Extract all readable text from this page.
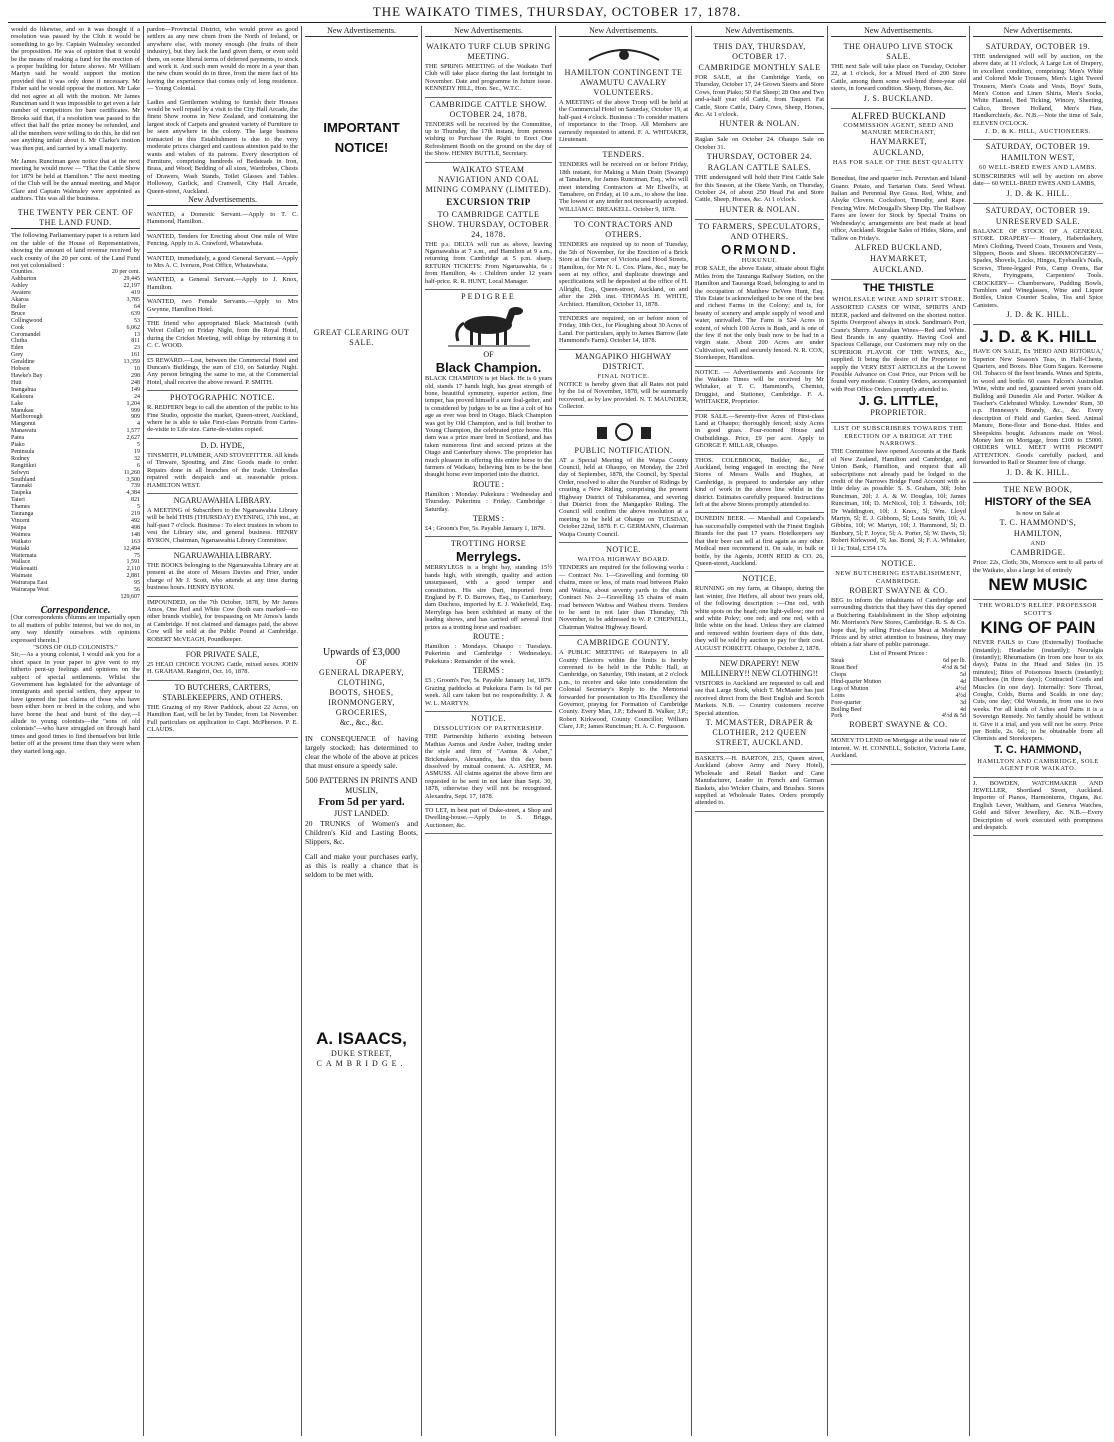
THE WAIKATO TIMES, THURSDAY, OCTOBER 17, 1878.

would do likewise, and so it was thought if a resolution was passed by the Club it would be something to go by. Captain Walmsley seconded the proposition. He was of opinion that it would be the means of making a fund for the erection of a proper building for future shows. Mr William Martyn said he would support the motion provided that it was only done if necessary. Mr Fisher said he would oppose the motion. Mr Lake did not agree at all with the motion. Mr James Runciman said it was impossible to get even a fair number of competitors for bare certificates. Mr Brooks said that, if a resolution was passed to the effect that half the prize money be refunded, and all the members were willing to do this, he did not see anything unfair about it. Mr Clarke's motion was then put, and carried by a small majority.

Mr James Runciman gave notice that at the next meeting he would move — "That the Cattle Show for 1879 be held at Hamilton." The next meeting of the Club will be the annual meeting, and Major Clare and Captain Walmsley were appointed as auditors. This was all the business.

THE TWENTY PER CENT. OF THE LAND FUND.

The following Parliamentary paper is a return laid on the table of the House of Representatives, showing the amount of land revenue received by each county of the 20 per cent. of the Land Fund not yet colonialised :

Counties.	20 per cent.
Ashburton	29,445
Ashley	22,197
Awatere	419
Akaroa	3,785
Buller	64
Bruce	639
Collingwood	53
Cook	6,062
Coromandel	13
Clutha	811
Eden	23
Grey	161
Geraldine	13,359
Hobson	10
Hawke's Bay	298
Hutt	248
Inangahua	149
Kaikoura	24
Lake	1,204
Manukau	999
Marlborough	909
Mangonui	4
Manawatu	1,577
Patea	2,627
Piako	5
Peninsula	19
Rodney	32
Rangitikei	6
Selwyn	11,260
Southland	3,500
Taranaki	739
Taupeka	4,384
Taieri	821
Thames	5
Tauranga	219
Vincent	492
Waipa	498
Waimea	148
Waikato	163
Waitaki	12,494
Waitemata	75
Wallace	1,591
Waikouaiti	2,110
Waimate	2,881
Wairarapa East	95
Wairarapa West	56
	129,607
Correspondence.

[Our correspondents columns are impartially open to all matters of public interest, but we do not, in any way identify ourselves with opinions expressed therein.]

"SONS OF OLD COLONISTS."

Sir,—As a young colonist, I would ask you for a short space in your paper to give vent to my hitherto pent-up feelings and opinions on the subject of special settlements. Whilst the Government has legislated for the advantage of immigrants and special settlers, they appear to have ignored the just claims of those who have been either born or bred in the colony, and who have borne the heat and burst of the day,—I allude to young colonists—the "sons of old colonists"—who have struggled on through hard times and good times to find themselves but little better off at the present time than they were when they started long ago.

pardon—Provincial District, who would prove as good settlers as any new chum from the North of Ireland, or anywhere else, with money enough (the fruits of their industry), but they lack the land given them, or even sold them, on some liberal terms of deferred payments, to stock and work it. And such men would do more in a year than the new chum would do in three, from the mere fact of his having the experience that comes only of long residence. — Young Colonial.

Ladies and Gentlemen wishing to furnish their Houses would be well repaid by a visit to the City Hall Arcade, the finest Show rooms in New Zealand, and containing the largest stock of Carpets and greatest variety of Furniture to be seen anywhere in the colony. The large business transacted in this Establishment is due to the very moderate prices charged and cautious attention paid to the wants and wishes of its patrons. Every description of Furniture, comprising hundreds of Bedsteads in Iron, Brass, and Wood; Bedding of all sizes, Wardrobes, Chests of Drawers, Wash Stands, Toilet Glasses and Tables. Holloway, Garlick, and Cranwell, City Hall Arcade, Queen-street, Auckland.

New Advertisements.

WANTED, a Domestic Servant.—Apply to T. C. Hammond, Hamilton.

WANTED, Tenders for Erecting about One mile of Wire Fencing. Apply to A. Crawford, Whatawhata.

WANTED, immediately, a good General Servant.—Apply to Mrs A. C. Iverson, Post Office, Whatawhata.

WANTED, a General Servant.—Apply to J. Knox, Hamilton.

WANTED, two Female Servants.—Apply to Mrs Gwynne, Hamilton Hotel.

THE friend who appropriated Black Macintosh (with Velvet Collar) on Friday Night, from the Royal Hotel, during the Cricket Meeting, will oblige by returning it to C. C. WOOD.

£5 REWARD.—Lost, between the Commercial Hotel and Duncan's Buildings, the sum of £10, on Saturday Night. Any person bringing the same to me, at the Commercial Hotel, shall receive the above reward. P. SMITH.

PHOTOGRAPHIC NOTICE.

R. REDFERN begs to call the attention of the public to his Fine Studio, opposite the market, Queen-street, Auckland, where he is able to take First-class Portraits from Cartes-de-visite to Life size. Carte-de-visites copied.

D. D. HYDE,

TINSMITH, PLUMBER, AND STOVEFITTER. All kinds of Tinware, Spouting, and Zinc Goods made to order. Repairs done in all branches of the trade. Umbrellas repaired with despatch and at reasonable prices. HAMILTON WEST.

NGARUAWAHIA LIBRARY.

A MEETING of Subscribers to the Ngaruawahia Library will be held THIS (THURSDAY) EVENING, 17th inst., at half-past 7 o'clock. Business : To elect trustees in whom to vest the Library site, and general business. HENRY BYRON, Chairman, Ngaruawahia Library Committee.

NGARUAWAHIA LIBRARY.

THE BOOKS belonging to the Ngaruawahia Library are at present at the store of Messrs Davies and Frier, under charge of Mr J. Scott, who attends at any time during business hours. HENRY BYRON.

IMPOUNDED, on the 7th October, 1878, by Mr James Amos, One Red and White Cow (both ears marked—no other brands visible), for trespassing on Mr Amos's lands at Cambridge. If not claimed and damages paid, the above Cow will be sold at the Public Pound at Cambridge. ROBERT McVEAGH, Poundkeeper.

FOR PRIVATE SALE,

25 HEAD CHOICE YOUNG Cattle, mixed sexes. JOHN H. GRAHAM. Rangiriri, Oct. 16, 1878.

TO BUTCHERS, CARTERS, STABLEKEEPERS, AND OTHERS.

THE Grazing of my River Paddock, about 22 Acres, on Hamilton East, will be let by Tender, from 1st November. Full particulars on application to Capt. McPherson. P. E. CLAUDS.

New Advertisements.
IMPORTANT NOTICE!
GREAT CLEARING OUT SALE.
Upwards of £3,000
OF
GENERAL DRAPERY,
CLOTHING,
BOOTS, SHOES,
IRONMONGERY,
GROCERIES,
&c., &c., &c.

IN CONSEQUENCE of having largely stocked; has determined to clear the whole of the above at prices that must ensure a speedy sale.

500 PATTERNS IN PRINTS AND MUSLIN,
From 5d per yard.
JUST LANDED.

20 TRUNKS of Women's and Children's Kid and Lasting Boots, Slippers, &c.

Call and make your purchases early, as this is really a chance that is seldom to be met with.

A. ISAACS,
DUKE STREET,
CAMBRIDGE.
New Advertisements.

WAIKATO TURF CLUB SPRING MEETING.

THE SPRING MEETING of the Waikato Turf Club will take place during the last fortnight in November. Date and programme in future issue. KENNEDY HILL, Hon. Sec., W.T.C.

CAMBRIDGE CATTLE SHOW. OCTOBER 24, 1878.

TENDERS will be received by the Committee, up to Thursday, the 17th instant, from persons wishing to Purchase the Right to Erect One Refreshment Booth on the ground on the day of the Show. HENRY BUTTLE, Secretary.

WAIKATO STEAM NAVIGATION AND COAL MINING COMPANY (LIMITED).

EXCURSION TRIP

TO CAMBRIDGE CATTLE SHOW. THURSDAY, OCTOBER 24, 1878.

THE p.s. DELTA will run as above, leaving Ngaruawahia at 7 a.m., and Hamilton at 9 a.m., returning from Cambridge at 5 p.m. sharp. RETURN TICKETS: From Ngaruawahia, 6s ; from Hamilton, 4s : Children under 12 years half-price. R. R. HUNT, Local Manager.

PEDIGREE

OF

Black Champion.

BLACK CHAMPION is jet black. He is 6 years old, stands 17 hands high, has great strength of bone, beautiful symmetry, superior action, fine temper, has proved himself a sure foal-getter, and is considered by judges to be as fine a colt of his age as ever was bred in Otago. Black Champion was got by Old Champion, and is full brother to Young Champion, the celebrated prize horse. His dam was a prize mare bred in Scotland, and has taken numerous first and second prizes at the Otago and Canterbury shows. The proprietor has much pleasure in offering this entire horse to the farmers of Waikato, believing him to be the best draught horse ever imported into the district.

ROUTE :

Hamilton : Monday. Pukekura : Wednesday and Thursday. Pukerimu : Friday. Cambridge : Saturday.

TERMS :

£4 ; Groom's Fee, 5s. Payable January 1, 1879.

TROTTING HORSE

Merrylegs.

MERRYLEGS is a bright bay, standing 15½ hands high, with strength, quality and action unsurpassed, with a good temper and constitution. His sire Dart, imported from England by F. D. Burrows, Esq., to Canterbury; dam Duchess, imported by E. J. Wakefield, Esq. Merrylegs has been exhibited at many of the leading shows, and has carried off several first prizes as a trotting horse and roadster.

ROUTE :

Hamilton : Mondays. Ohaupo : Tuesdays. Pukerimu and Cambridge : Wednesdays. Pukekura : Remainder of the week.

TERMS :

£5 ; Groom's Fee, 5s. Payable January 1st, 1879. Grazing paddocks at Pukekura Farm 1s 6d per week. All care taken but no responsibility. J. & W. L. MARTYN.

NOTICE.

DISSOLUTION OF PARTNERSHIP.

THE Partnership hitherto existing between Mathias Asmus and Andre Asher, trading under the style and firm of "Asmus & Asher," Brickmakers, Alexandra, has this day been dissolved by mutual consent. A. ASHER, M. ASMUSS. All claims against the above firm are requested to be sent in not later than Sept. 30, 1878, otherwise they will not be recognised. Alexandra, Sept. 17, 1878.

TO LET, in best part of Duke-street, a Shop and Dwelling-house.—Apply to S. Briggs, Auctioneer, &c.

New Advertisements.

HAMILTON CONTINGENT TE AWAMUTU CAVALRY VOLUNTEERS.

A MEETING of the above Troop will be held at the Commercial Hotel on Saturday, October 19, at half-past 4 o'clock. Business : To consider matters of importance to the Troop. All Members are earnestly requested to attend. F. A. WHITAKER, Lieutenant.

TENDERS.

TENDERS will be received on or before Friday, 18th instant, for Making a Main Drain (Swamp) at Tamahere, for James Runciman, Esq., who will meet intending Contractors at Mr Elwell's, at Tamahere, on Friday, at 10 a.m., to show the line. The lowest or any tender not necessarily accepted. WILLIAM C. BREAKELL. October 9, 1878.

TO CONTRACTORS AND OTHERS.

TENDERS are required up to noon of Tuesday, the 5th of November, for the Erection of a Brick Store at the Corner of Victoria and Hood Streets, Hamilton, for Mr N. L. Cox. Plans, &c., may be seen at my office, and duplicate drawings and specifications will be deposited at the office of H. Allright, Esq., Queen-street, Auckland, on and after the 29th inst. THOMAS H. WHITE, Architect. Hamilton, October 11, 1878.

TENDERS are required, on or before noon of Friday, 18th Oct., for Ploughing about 30 Acres of Land. For particulars, apply to James Barrow (late Hammond's Farm). October 14, 1878.

MANGAPIKO HIGHWAY DISTRICT.

FINAL NOTICE.

NOTICE is hereby given that all Rates not paid by the 1st of November, 1878, will be summarily recovered, as by law provided. N. T. MAUNDER, Collector.

PUBLIC NOTIFICATION.

AT a Special Meeting of the Waipa County Council, held at Ohaupo, on Monday, the 23rd day of September, 1878, the Council, by Special Order, resolved to alter the Number of Ridings by creating a New Riding, comprising the present Highway District of Tuhikaramea, and severing that District from the Mangapiko Riding. The Council will confirm the above resolution at a meeting to be held at Ohaupo on TUESDAY, October 22nd, 1878. F. C. GERMANN, Chairman Waipa County Council.

NOTICE.

WAITOA HIGHWAY BOARD.

TENDERS are required for the following works :— Contract No. 1—Gravelling and forming 60 chains, more or less, of main road between Piako and Waitoa, about seventy yards to the chain. Contract No. 2—Gravelling 15 chains of main road between Waitoa and Waihou rivers. Tenders to be sent in not later than Thursday, 7th November, to be addressed to W. P. CHEPNELL, Chairman Waitoa Highway Board.

CAMBRIDGE COUNTY.

A PUBLIC MEETING of Ratepayers in all County Electors within the limits is hereby convened to be held in the Public Hall, at Cambridge, on Saturday, 19th instant, at 2 o'clock p.m., to receive and take into consideration the Colonial Secretary's Reply to the Memorial forwarded for presentation to His Excellency the Governor, praying for Formation of Cambridge County. Every Man, J.P.; Edward B. Walker, J.P.; Robert Kirkwood, County Councillor; William Clare, J.P.; James Runciman; H. A. C. Fergusson.

New Advertisements.

THIS DAY, THURSDAY, OCTOBER 17.

CAMBRIDGE MONTHLY SALE

FOR SALE, at the Cambridge Yards, on Thursday, October 17, 24 Grown Steers and Store Cows, from Piako; 50 Fat Sheep; 28 One and Two and-a-half year old Cattle, from Tauperi. Fat Cattle, Store Cattle, Dairy Cows, Sheep, Horses, &c. At 1 o'clock.

HUNTER & NOLAN.

Raglan Sale on October 24. Ohaupo Sale on October 31.

THURSDAY, OCTOBER 24.

RAGLAN CATTLE SALES.

THE undersigned will hold their First Cattle Sale for this Season, at the Okete Yards, on Thursday, October 24, of about 250 Head Fat and Store Cattle, Sheep, Horses, &c. At 1 o'clock.

HUNTER & NOLAN.

TO FARMERS, SPECULATORS, AND OTHERS.

ORMOND.

HUKUNUI.

FOR SALE, the above Estate, situate about Eight Miles from the Tauranga Railway Station, on the Hamilton and Tauranga Road, belonging to and in the occupation of Matthew DeVere Hunt, Esq. This Estate is acknowledged to be one of the best and richest Farms in the Colony; and is, for beauty of scenery and ample supply of wood and water, unrivalled. The Farm is 524 Acres in extent, of which 100 Acres is Bush, and is one of the few if not the only bush now to be had in a virgin state. About 200 Acres are under Cultivation, well and securely fenced. N. R. COX, Storekeeper, Hamilton.

NOTICE. — Advertisements and Accounts for the Waikato Times will be received by Mr Whitaker, at T. C. Hammond's, Chemist, Druggist, and Stationer, Cambridge. F. A. WHITAKER, Proprietor.

FOR SALE.—Seventy-five Acres of First-class Land at Ohaupo; thoroughly fenced; sixty Acres in good grass. Four-roomed House and Outbuildings. Price, £9 per acre. Apply to GEORGE F. MILLAR, Ohaupo.

THOS. COLEBROOK, Builder, &c., of Auckland, being engaged in erecting the New Stores of Messrs Walls and Hughes, at Cambridge, is prepared to undertake any other kind of work in the above line whilst in the district. Estimates carefully prepared. Instructions left at the above Stores promptly attended to.

DUNEDIN BEER. — Marshall and Copeland's has successfully competed with the Finest English Brands for the past 17 years. Hotelkeepers say that their beer can sell at first again as any other. Medical men recommend it. On sale, in bulk or bottle, by the Agents, JOHN REID & CO. 26, Queen-street, Auckland.

NOTICE.

RUNNING on my farm, at Ohaupo, during the last winter, five Heifers, all about two years old, of the following description :—One red, with white spots on the head; one light-yellow; one red and white Poley; one red; and one red, with a little white on the head. Unless they are claimed and removed within fourteen days of this date, they will be sold by auction to pay for their cost. AUGUST FORKETT. Ohaupo, October 2, 1878.

NEW DRAPERY! NEW MILLINERY!! NEW CLOTHING!!

VISITORS to Auckland are requested to call and see that Large Stock, which T. McMaster has just received direct from the Best English and Scotch Markets. N.B. — Country customers receive Special attention.

T. MCMASTER, DRAPER & CLOTHIER, 212 QUEEN STREET, AUCKLAND.

BASKETS.—H. BARTON, 215, Queen street, Auckland (above Army and Navy Hotel), Wholesale and Retail Basket and Cane Manufacturer, Leader in French and German Baskets, also Wicker Chairs, and Brushes. Stores supplied at Wholesale Rates. Orders promptly attended to.

New Advertisements.

THE OHAUPO LIVE STOCK SALE.

THE next Sale will take place on Tuesday, October 22, at 1 o'clock, for a Mixed Herd of 200 Store Cattle, among them some well-bred three-year old steers, in forward condition. Sheep, Horses, &c.

J. S. BUCKLAND.

ALFRED BUCKLAND

COMMISSION AGENT, SEED AND MANURE MERCHANT,

HAYMARKET,

AUCKLAND,

HAS FOR SALE OF THE BEST QUALITY—

Bonedust, fine and quarter inch. Peruvian and Island Guano. Potato, and Tartarian Oats. Seed Wheat. Italian and Perennial Rye Grass. Red, White, and Alsyke Clovers. Cocksfoot, Timothy, and Rape. Fencing Wire. McDougall's Sheep Dip. The Railway Fares are lower for Stock by Special Trains on Wednesday's; arrangements are best made at head office, Auckland. Regular Sales of Hides, Skins, and Tallow on Friday's.

ALFRED BUCKLAND,

HAYMARKET,

AUCKLAND.

THE THISTLE

WHOLESALE WINE AND SPIRIT STORE.

ASSORTED CASES OF WINE, SPIRITS AND BEER, packed and delivered on the shortest notice. Spirits Overproof always in stock. Sandiman's Port, Crane's Sherry. Australian Wines—Red and White. Best Brands in any quantity. Having Cool and Spacious Cellarage, our Customers may rely on the SUPERIOR FLAVOR OF THE WINES, &c., supplied. It being the desire of the Proprietor to supply the VERY BEST ARTICLES at the Lowest Possible Advance on Cost Price, our Prices will be found very moderate. Country Orders, accompanied with Post Office Orders promptly attended to.

J. G. LITTLE,

PROPRIETOR.

LIST OF SUBSCRIBERS TOWARDS THE ERECTION OF A BRIDGE AT THE NARROWS.

THE Committee have opened Accounts at the Bank of New Zealand, Hamilton and Cambridge, and Union Bank, Hamilton, and request that all subscriptions not already paid be lodged to the credit of the Narrows Bridge Fund Account with as little delay as possible: S. S. Graham, 30l; John Runciman, 20l; J. A. & W. Douglas, 10l; James Runciman, 10l; D. McNicol, 10l; J. Edwards, 10l; Dr Waddington, 10l; J. Knox, 5l; Wm. Lloyd Martyn, 5l; E. J. Gibbons, 5l; Louis Smith, 10l; A. Gibbins, 10l; W. Martyn, 10l; J. Hammond, 5l; D. Bunbury, 5l; F. Joyce, 5l; A. Porter, 5l; W. Davis, 5l; Robert Kirkwood, 5l; Jas. Bond, 3l; F. A. Whitaker, 1l 1s; Total, £354 17s.

NOTICE.

NEW BUTCHERING ESTABLISHMENT, CAMBRIDGE.

ROBERT SWAYNE & CO.

BEG to inform the inhabitants of Cambridge and surrounding districts that they have this day opened a Butchering Establishment in the Shop adjoining Mr. Morrison's New Stores, Cambridge. R. S. & Co. hope that, by selling First-class Meat at Moderate Prices and by strict attention to business, they may obtain a fair share of public patronage.

List of Present Prices :

Steak	6d per lb.
Roast Beef	4½d & 5d
Chops	5d
Hind-quarter Mutton	4d
Legs of Mutton	4½d
Loins	4½d
Fore-quarter	3d
Boiling Beef	4d
Pork	4½d & 5d

ROBERT SWAYNE & CO.

MONEY TO LEND on Mortgage at the usual rate of interest. W. H. CONNELL, Solicitor, Victoria Lane, Auckland.

New Advertisements.

SATURDAY, OCTOBER 19.

THE undersigned will sell by auction, on the above date, at 11 o'clock, A Large Lot of Drapery, in excellent condition, comprising: Men's White and Colored Mole Trousers, Men's Light Tweed Trousers, Men's Coats and Vests, Boys' Suits, Men's Cotton and Linen Shirts, Men's Socks, White Flannel, Bed Ticking, Wincey, Sheeting, Calico, Brown Holland, Men's Hats, Handkerchiefs, &c. N.B.—Note the time of Sale, ELEVEN O'CLOCK.

J. D. & K. HILL, AUCTIONEERS.

SATURDAY, OCTOBER 19.

HAMILTON WEST,

60 WELL-BRED EWES AND LAMBS.

SUBSCRIBERS will sell by auction on above date— 60 WELL-BRED EWES AND LAMBS,

J. D. & K. HILL.

SATURDAY, OCTOBER 19.

UNRESERVED SALE.

BALANCE OF STOCK OF A GENERAL STORE. DRAPERY— Hosiery, Haberdashery, Men's Clothing, Tweed Coats, Trousers and Vests, Slippers, Boots and Shoes. IRONMONGERY— Spades, Shovels, Locks, Hinges, Eyebaulk's Nails, Screws, Three-legged Pots, Camp Ovens, Bar Rivets, Fryingpans, Carpenters' Tools. CROCKERY— Chamberware, Pudding Bowls, Tumblers and Wineglasses, Wine and Liquor Bottles, Union Counter Scales, Tea and Spice Canisters.

J. D. & K. HILL.

J. D. & K. HILL

HAVE ON SALE, Ex 'HERO AND ROTORUA,' Superior New Season's Teas, in Half-Chests, Quarters, and Boxes. Blue Gum Sugars. Kerosene Oil. Tobacco of the best brands. Wines and Spirits, in wood and bottle. 60 cases Falcon's Australian Wine, white and red, guaranteed seven years old. Bulldog and Dunedin Ale and Porter. Walker & Teacher's Celebrated Whisky. Lowndes' Rum, 30 o.p. Hennessy's Brandy, &c., &c. Every description of Field and Garden Seed. Animal Manure, Bone-flour and Bone-dust. Hides and Sheepskins bought. Advances made on Wool. Money lent on Mortgage, from £100 to £5000. ORDERS WILL MEET WITH PROMPT ATTENTION. Goods carefully packed, and forwarded to Rail or Steamer free of charge.

J. D. & K. HILL.

THE NEW BOOK,

HISTORY of the SEA

Is now on Sale at

T. C. HAMMOND'S,

HAMILTON,

AND

CAMBRIDGE.

Price: 22s, Cloth; 30s, Morocco sent to all parts of the Waikato, also a large lot of entirely

NEW MUSIC

THE WORLD'S RELIEF. PROFESSOR SCOTT'S

KING OF PAIN

NEVER FAILS to Cure (Externally) Toothache (instantly); Headache (instantly); Neuralgia (instantly); Rheumatism (in from one hour to six days); Pains in the Head and Sides (in 15 minutes); Bites of Poisonous Insects (instantly); Diarrhoea (in three days); Contracted Cords and Muscles (in one day). Internally: Sore Throat, Coughs, Colds, Burns and Scalds in one day; Cuts, one day; Old Wounds, in from one to two weeks. For all kinds of Aches and Pains it is a Sovereign Remedy. No family should be without it. Give it a trial, and you will not be sorry. Price per Bottle, 2s. 6d.; to be obtainable from all Chemists and Storekeepers.

T. C. HAMMOND,

HAMILTON AND CAMBRIDGE, SOLE AGENT FOR WAIKATO.

J. BOWDEN, WATCHMAKER AND JEWELLER, Shortland Street, Auckland. Importer of Pianos, Harmoniums, Organs, &c. English Lever, Waltham, and Geneva Watches, Gold and Silver Jewellery, &c. N.B.—Every Description of work executed with promptness and despatch.
